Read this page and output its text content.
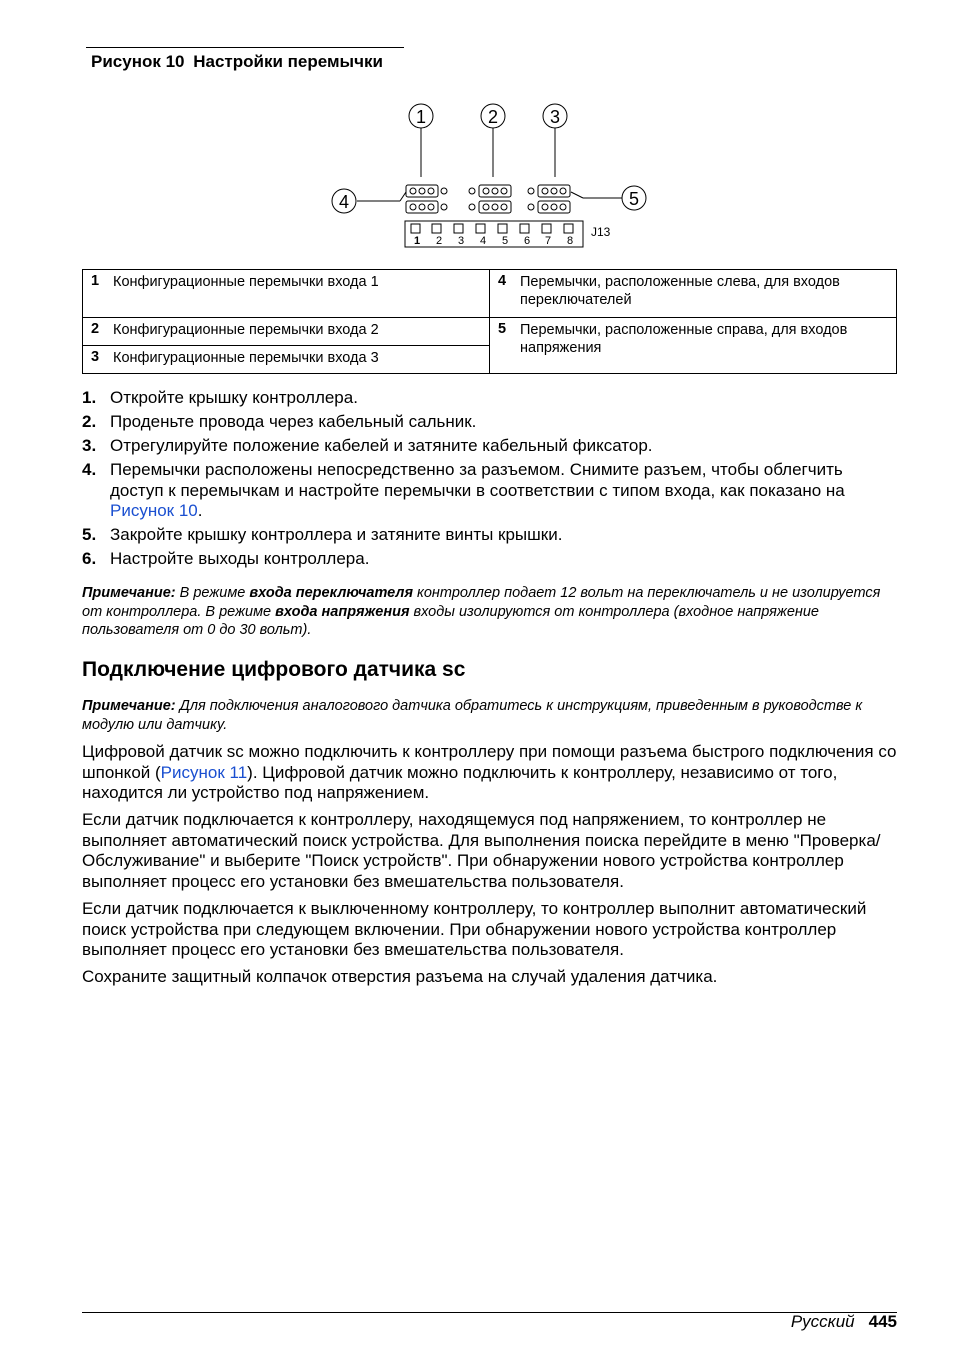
Рисунок 10 Настройки перемычки

1	2	3
4	5
1 2 3 4 5 6 7 8
J13
1 Конфигурационные перемычки входа 1	4 Перемычки, расположенные слева, для входов переключателей
2 Конфигурационные перемычки входа 2	5 Перемычки, расположенные справа, для входов напряжения
3 Конфигурационные перемычки входа 3	
1. Откройте крышку контроллера.
2. Проденьте провода через кабельный сальник.
3. Отрегулируйте положение кабелей и затяните кабельный фиксатор.
4. Перемычки расположены непосредственно за разъемом. Снимите разъем, чтобы облегчить доступ к перемычкам и настройте перемычки в соответствии с типом входа, как показано на Рисунок 10.
5. Закройте крышку контроллера и затяните винты крышки.
6. Настройте выходы контроллера.

Примечание: В режиме входа переключателя контроллер подает 12 вольт на переключатель и не изолируется от контроллера. В режиме входа напряжения входы изолируются от контроллера (входное напряжение пользователя от 0 до 30 вольт).

Подключение цифрового датчика sc

Примечание: Для подключения аналогового датчика обратитесь к инструкциям, приведенным в руководстве к модулю или датчику.

Цифровой датчик sc можно подключить к контроллеру при помощи разъема быстрого подключения со шпонкой (Рисунок 11). Цифровой датчик можно подключить к контроллеру, независимо от того, находится ли устройство под напряжением.

Если датчик подключается к контроллеру, находящемуся под напряжением, то контроллер не выполняет автоматический поиск устройства. Для выполнения поиска перейдите в меню "Проверка/Обслуживание" и выберите "Поиск устройств". При обнаружении нового устройства контроллер выполняет процесс его установки без вмешательства пользователя.

Если датчик подключается к выключенному контроллеру, то контроллер выполнит автоматический поиск устройства при следующем включении. При обнаружении нового устройства контроллер выполняет процесс его установки без вмешательства пользователя.

Сохраните защитный колпачок отверстия разъема на случай удаления датчика.

Русский 445
